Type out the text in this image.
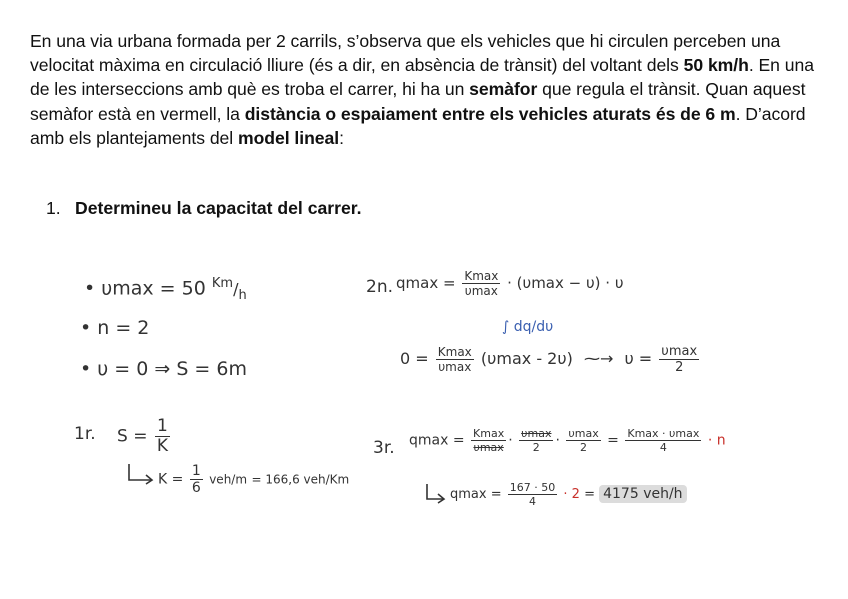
En una via urbana formada per 2 carrils, s’observa que els vehicles que hi circulen perceben una velocitat màxima en circulació lliure (és a dir, en absència de trànsit) del voltant dels 50 km/h. En una de les interseccions amb què es troba el carrer, hi ha un semàfor que regula el trànsit. Quan aquest semàfor està en vermell, la distància o espaiament entre els vehicles aturats és de 6 m. D’acord amb els plantejaments del model lineal:

1. Determineu la capacitat del carrer.

• υmax = 50 $^{Km}/_h$
• n = 2
• υ = 0 ⇒ S = 6m
1r. $S = \frac{1}{K}$
$K = \frac{1}{6} veh/m = 166,6$ veh/Km
2n. $qmax = \frac{Kmax}{\upsilon\max} \cdot (\upsilon\max - \upsilon) \cdot \upsilon$
∫ dq/dυ
$0 = \frac{Kmax}{\upsilon\max} (\upsilon\max - 2\upsilon)$ ⁓→ $\upsilon = \frac{\upsilon\max}{2}$
3r. $qmax = \frac{Kmax}{\upsilon\max} \cdot \frac{\upsilon\max}{2} \cdot \frac{\upsilon\max}{2} = \frac{Kmax \cdot \upsilon\max}{4} \cdot n$
$qmax = \frac{167 \cdot 50}{4} \cdot 2 = 4175$ veh/h
